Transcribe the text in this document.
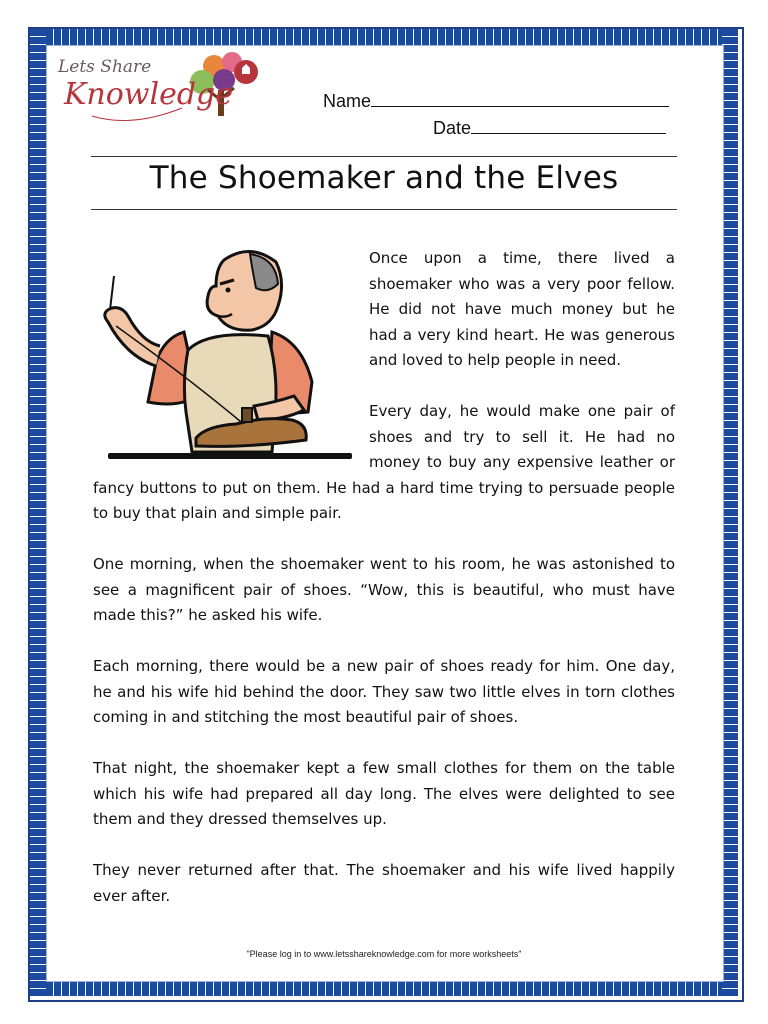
Lets Share
Knowledge	Name
Date
The Shoemaker and the Elves

Once upon a time, there lived a shoemaker who was a very poor fellow. He did not have much money but he had a very kind heart. He was generous and loved to help people in need.

Every day, he would make one pair of shoes and try to sell it. He had no money to buy any expensive leather or fancy buttons to put on them. He had a hard time trying to persuade people to buy that plain and simple pair.

One morning, when the shoemaker went to his room, he was astonished to see a magnificent pair of shoes. “Wow, this is beautiful, who must have made this?” he asked his wife.

Each morning, there would be a new pair of shoes ready for him. One day, he and his wife hid behind the door. They saw two little elves in torn clothes coming in and stitching the most beautiful pair of shoes.

That night, the shoemaker kept a few small clothes for them on the table which his wife had prepared all day long. The elves were delighted to see them and they dressed themselves up.

They never returned after that. The shoemaker and his wife lived happily ever after.

"Please log in to www.letsshareknowledge.com for more worksheets"
